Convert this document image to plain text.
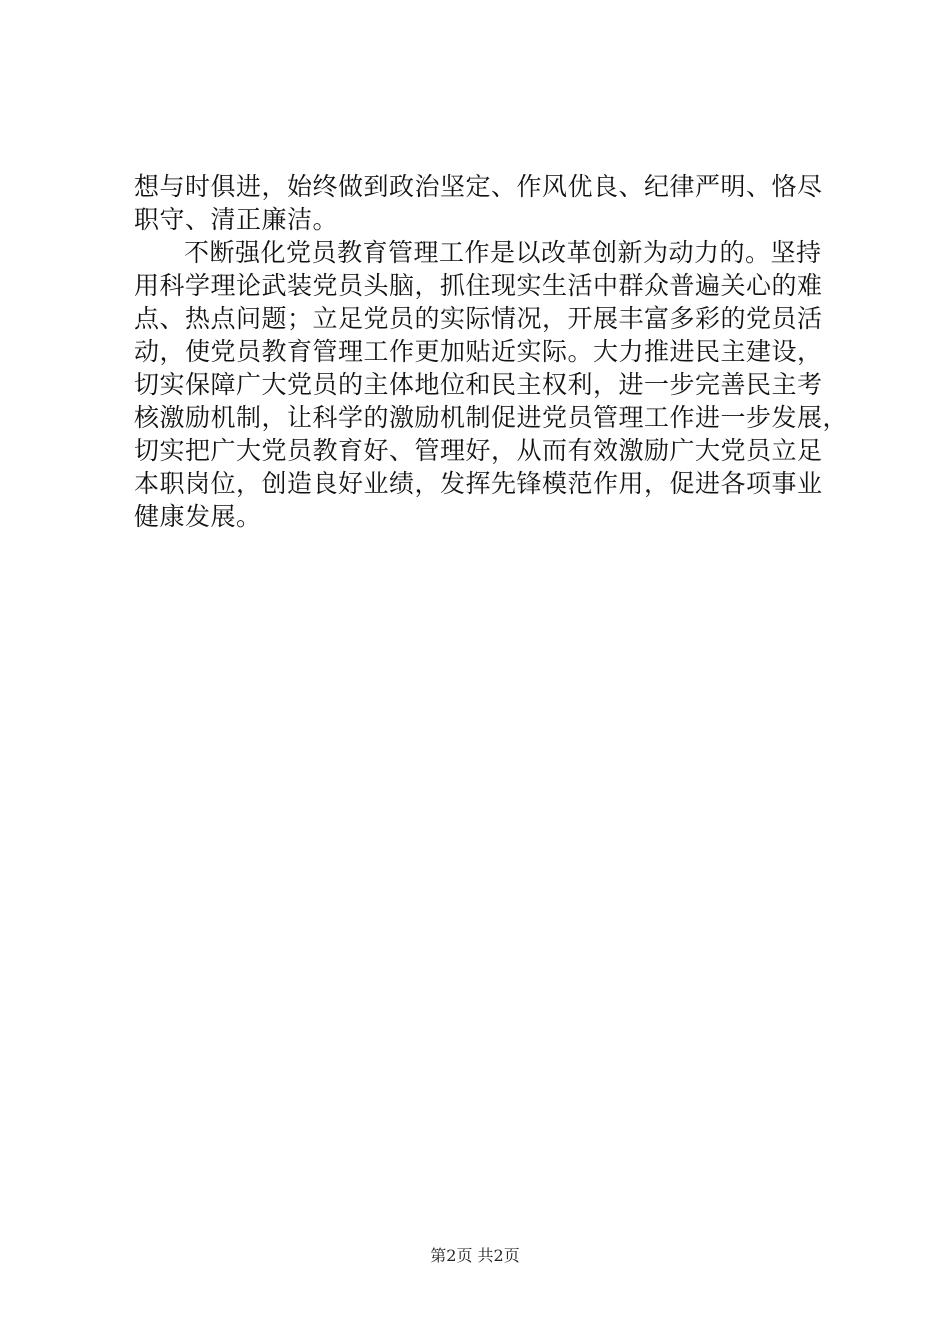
想与时俱进，始终做到政治坚定、作风优良、纪律严明、恪尽
职守、清正廉洁。
不断强化党员教育管理工作是以改革创新为动力的。坚持
用科学理论武装党员头脑，抓住现实生活中群众普遍关心的难
点、热点问题；立足党员的实际情况，开展丰富多彩的党员活
动，使党员教育管理工作更加贴近实际。大力推进民主建设，
切实保障广大党员的主体地位和民主权利，进一步完善民主考
核激励机制，让科学的激励机制促进党员管理工作进一步发展，
切实把广大党员教育好、管理好，从而有效激励广大党员立足
本职岗位，创造良好业绩，发挥先锋模范作用，促进各项事业
健康发展。
第2页 共2页
